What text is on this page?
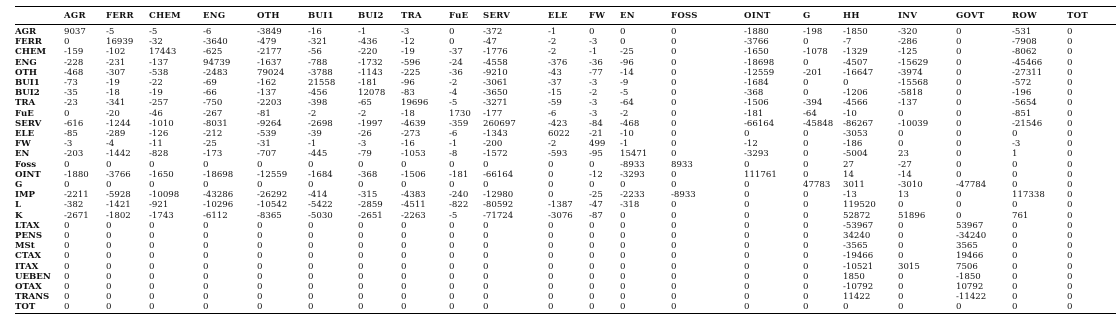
	AGR	FERR	CHEM	ENG	OTH	BUI1	BUI2	TRA	FuE	SERV	ELE	FW	EN	FOSS	OINT	G	HH	INV	GOVT	ROW	TOT
AGR	9037	-5	-5	-6	-3849	-16	-1	-3	0	-372	-1	0	0	0	-1880	-198	-1850	-320	0	-531	0
FERR	0	16939	-32	-3640	-479	-321	-436	-12	0	-47	-2	-3	0	0	-3766	0	-7	-286	0	-7908	0
CHEM	-159	-102	17443	-625	-2177	-56	-220	-19	-37	-1776	-2	-1	-25	0	-1650	-1078	-1329	-125	0	-8062	0
ENG	-228	-231	-137	94739	-1637	-788	-1732	-596	-24	-4558	-376	-36	-96	0	-18698	0	-4507	-15629	0	-45466	0
OTH	-468	-307	-538	-2483	79024	-3788	-1143	-225	-36	-9210	-43	-77	-14	0	-12559	-201	-16647	-3974	0	-27311	0
BUI1	-73	-19	-22	-69	-162	21558	-181	-96	-2	-3061	-37	-3	-9	0	-1684	0	0	-15568	0	-572	0
BUI2	-35	-18	-19	-66	-137	-456	12078	-83	-4	-3650	-15	-2	-5	0	-368	0	-1206	-5818	0	-196	0
TRA	-23	-341	-257	-750	-2203	-398	-65	19696	-5	-3271	-59	-3	-64	0	-1506	-394	-4566	-137	0	-5654	0
FuE	0	-20	-46	-267	-81	-2	-2	-18	1730	-177	-6	-3	-2	0	-181	-64	-10	0	0	-851	0
SERV	-616	-1244	-1010	-8031	-9264	-2698	-1997	-4639	-359	260697	-423	-84	-468	0	-66164	-45848	-86267	-10039	0	-21546	0
ELE	-85	-289	-126	-212	-539	-39	-26	-273	-6	-1343	6022	-21	-10	0	0	0	-3053	0	0	0	0
FW	-3	-4	-11	-25	-31	-1	-3	-16	-1	-200	-2	499	-1	0	-12	0	-186	0	0	-3	0
EN	-203	-1442	-828	-173	-707	-445	-79	-1053	-8	-1572	-593	-95	15471	0	-3293	0	-5004	23	0	1	0
Foss	0	0	0	0	0	0	0	0	0	0	0	0	-8933	8933	0	0	27	-27	0	0	0
OINT	-1880	-3766	-1650	-18698	-12559	-1684	-368	-1506	-181	-66164	0	-12	-3293	0	111761	0	14	-14	0	0	0
G	0	0	0	0	0	0	0	0	0	0	0	0	0	0	0	47783	3011	-3010	-47784	0	0
IMP	-2211	-5928	-10098	-43286	-26292	-414	-315	-4383	-240	-12980	0	-25	-2233	-8933	0	0	-13	13	0	117338	0
L	-382	-1421	-921	-10296	-10542	-5422	-2859	-4511	-822	-80592	-1387	-47	-318	0	0	0	119520	0	0	0	0
K	-2671	-1802	-1743	-6112	-8365	-5030	-2651	-2263	-5	-71724	-3076	-87	0	0	0	0	52872	51896	0	761	0
LTAX	0	0	0	0	0	0	0	0	0	0	0	0	0	0	0	0	-53967	0	53967	0	0
PENS	0	0	0	0	0	0	0	0	0	0	0	0	0	0	0	0	34240	0	-34240	0	0
MSt	0	0	0	0	0	0	0	0	0	0	0	0	0	0	0	0	-3565	0	3565	0	0
CTAX	0	0	0	0	0	0	0	0	0	0	0	0	0	0	0	0	-19466	0	19466	0	0
ITAX	0	0	0	0	0	0	0	0	0	0	0	0	0	0	0	0	-10521	3015	7506	0	0
UEBEN	0	0	0	0	0	0	0	0	0	0	0	0	0	0	0	0	1850	0	-1850	0	0
OTAX	0	0	0	0	0	0	0	0	0	0	0	0	0	0	0	0	-10792	0	10792	0	0
TRANS	0	0	0	0	0	0	0	0	0	0	0	0	0	0	0	0	11422	0	-11422	0	0
TOT	0	0	0	0	0	0	0	0	0	0	0	0	0	0	0	0	0	0	0	0	0
